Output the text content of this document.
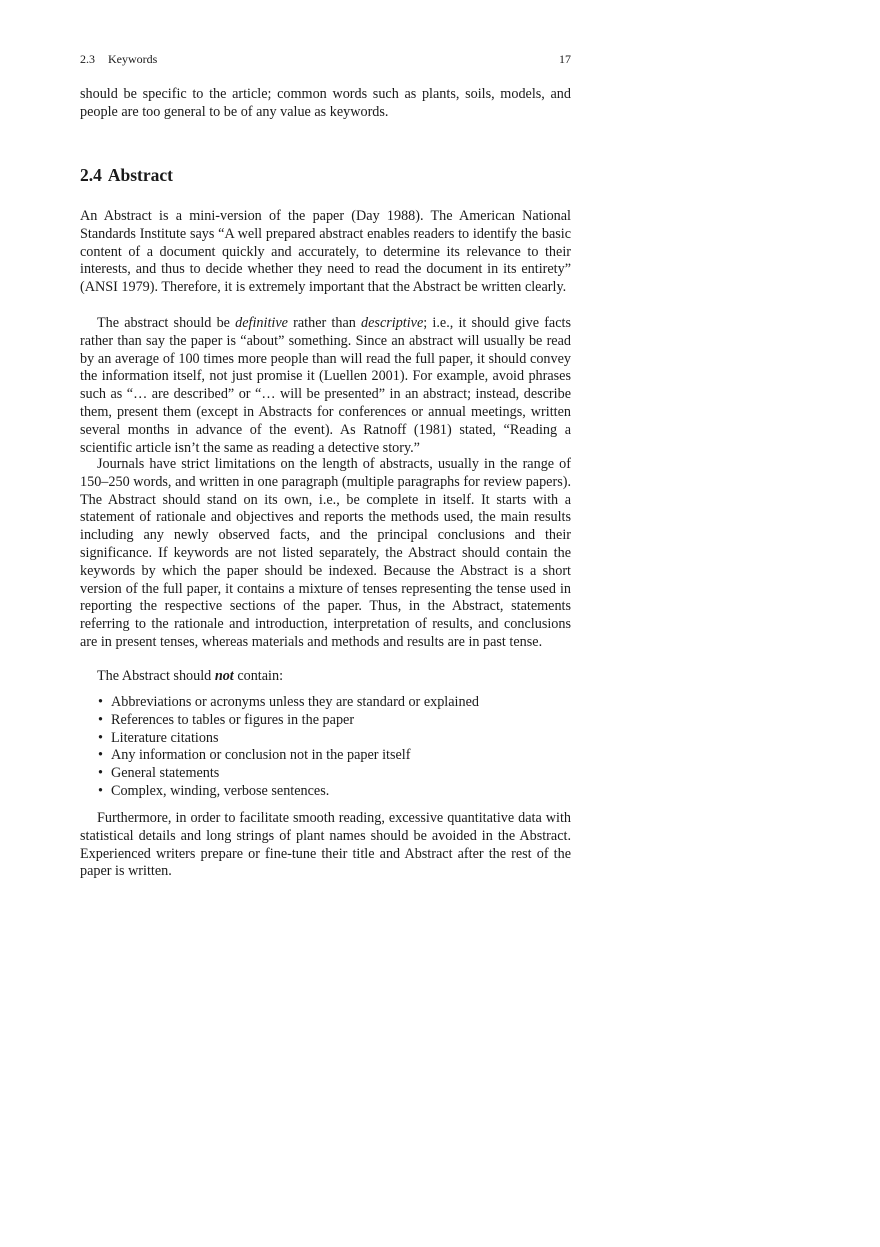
2.3 Keywords	17

should be specific to the article; common words such as plants, soils, models, and people are too general to be of any value as keywords.

2.4 Abstract

An Abstract is a mini-version of the paper (Day 1988). The American National Standards Institute says “A well prepared abstract enables readers to identify the basic content of a document quickly and accurately, to determine its relevance to their interests, and thus to decide whether they need to read the document in its entirety” (ANSI 1979). Therefore, it is extremely important that the Abstract be written clearly.

The abstract should be definitive rather than descriptive; i.e., it should give facts rather than say the paper is “about” something. Since an abstract will usually be read by an average of 100 times more people than will read the full paper, it should convey the information itself, not just promise it (Luellen 2001). For example, avoid phrases such as “… are described” or “… will be presented” in an abstract; instead, describe them, present them (except in Abstracts for conferences or annual meetings, written several months in advance of the event). As Ratnoff (1981) stated, “Reading a scientific article isn’t the same as reading a detective story.”

Journals have strict limitations on the length of abstracts, usually in the range of 150–250 words, and written in one paragraph (multiple paragraphs for review papers). The Abstract should stand on its own, i.e., be complete in itself. It starts with a statement of rationale and objectives and reports the methods used, the main results including any newly observed facts, and the principal conclusions and their significance. If keywords are not listed separately, the Abstract should contain the keywords by which the paper should be indexed. Because the Abstract is a short version of the full paper, it contains a mixture of tenses representing the tense used in reporting the respective sections of the paper. Thus, in the Abstract, statements referring to the rationale and introduction, interpretation of results, and conclusions are in present tenses, whereas materials and methods and results are in past tense.

The Abstract should not contain:

• Abbreviations or acronyms unless they are standard or explained
• References to tables or figures in the paper
• Literature citations
• Any information or conclusion not in the paper itself
• General statements
• Complex, winding, verbose sentences.

Furthermore, in order to facilitate smooth reading, excessive quantitative data with statistical details and long strings of plant names should be avoided in the Abstract. Experienced writers prepare or fine-tune their title and Abstract after the rest of the paper is written.
